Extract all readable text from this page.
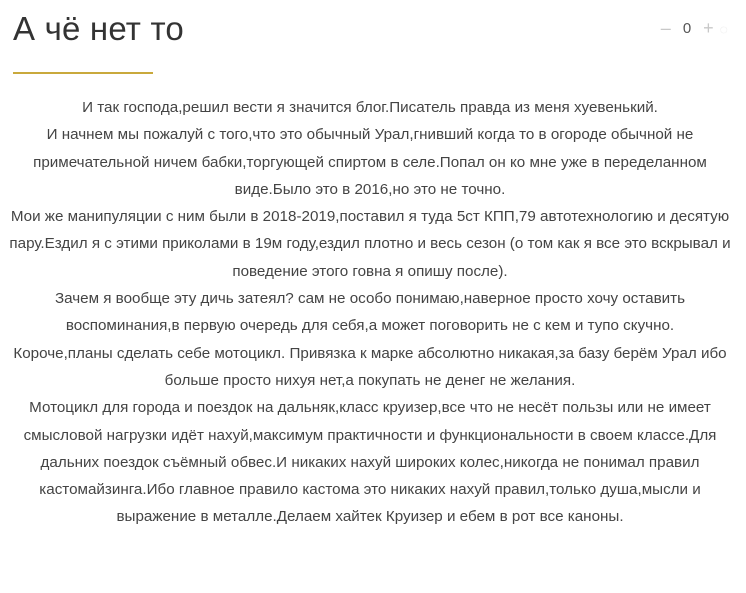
А чё нет то	– 0 + ◌

И так господа,решил вести я значится блог.Писатель правда из меня хуевенький.

И начнем мы пожалуй с того,что это обычный Урал,гнивший когда то в огороде обычной не примечательной ничем бабки,торгующей спиртом в селе.Попал он ко мне уже в переделанном виде.Было это в 2016,но это не точно.

Мои же манипуляции с ним были в 2018-2019,поставил я туда 5ст КПП,79 автотехнологию и десятую пару.Ездил я с этими приколами в 19м году,ездил плотно и весь сезон (о том как я все это вскрывал и поведение этого говна я опишу после).

Зачем я вообще эту дичь затеял? сам не особо понимаю,наверное просто хочу оставить воспоминания,в первую очередь для себя,а может поговорить не с кем и тупо скучно.

Короче,планы сделать себе мотоцикл. Привязка к марке абсолютно никакая,за базу берём Урал ибо больше просто нихуя нет,а покупать не денег не желания.

Мотоцикл для города и поездок на дальняк,класс круизер,все что не несёт пользы или не имеет смысловой нагрузки идёт нахуй,максимум практичности и функциональности в своем классе.Для дальних поездок съёмный обвес.И никаких нахуй широких колес,никогда не понимал правил кастомайзинга.Ибо главное правило кастома это никаких нахуй правил,только душа,мысли и выражение в металле.Делаем хайтек Круизер и ебем в рот все каноны.
